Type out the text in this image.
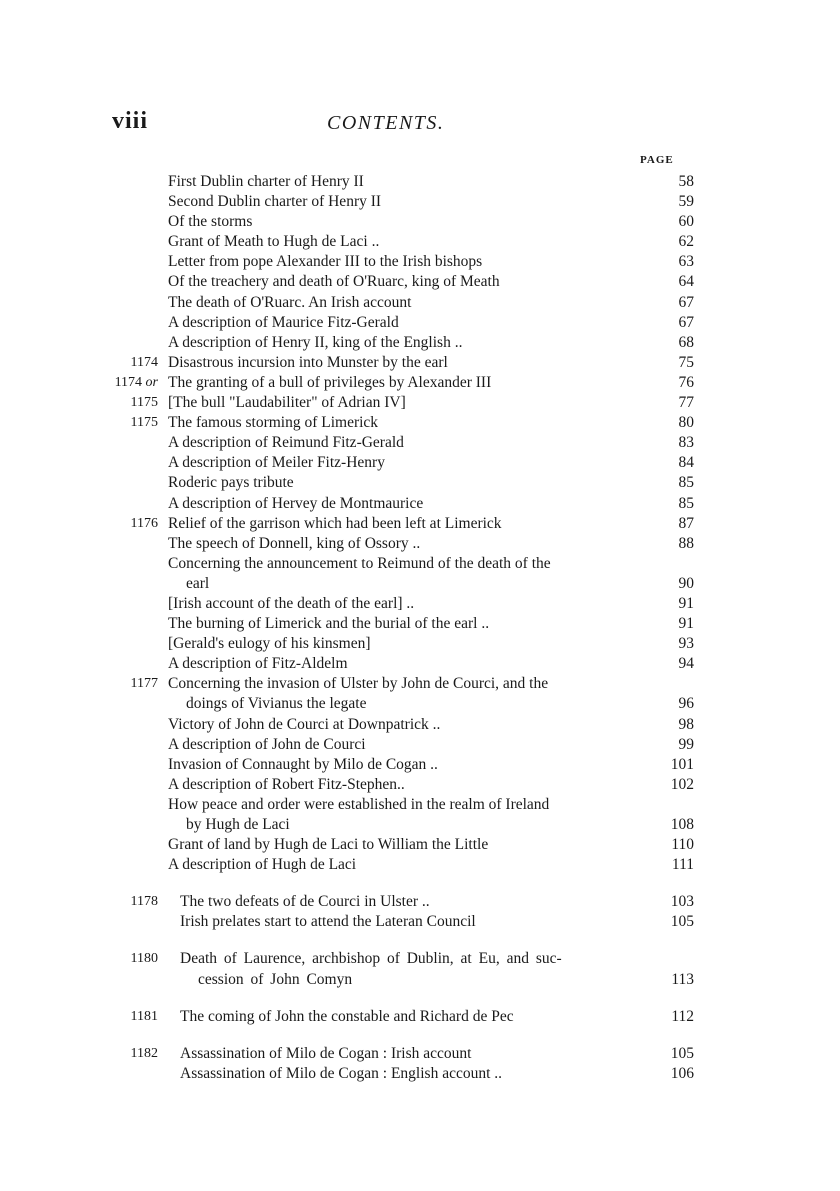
viii	CONTENTS.
PAGE
First Dublin charter of Henry II	58
Second Dublin charter of Henry II	59
Of the storms	60
Grant of Meath to Hugh de Laci ..	62
Letter from pope Alexander III to the Irish bishops	63
Of the treachery and death of O'Ruarc, king of Meath	64
The death of O'Ruarc. An Irish account	67
A description of Maurice Fitz-Gerald	67
A description of Henry II, king of the English ..	68
1174 Disastrous incursion into Munster by the earl	75
1174 or The granting of a bull of privileges by Alexander III	76
1175 [The bull "Laudabiliter" of Adrian IV]	77
1175 The famous storming of Limerick	80
A description of Reimund Fitz-Gerald	83
A description of Meiler Fitz-Henry	84
Roderic pays tribute	85
A description of Hervey de Montmaurice	85
1176 Relief of the garrison which had been left at Limerick	87
The speech of Donnell, king of Ossory ..	88
Concerning the announcement to Reimund of the death of the
earl	90
[Irish account of the death of the earl] ..	91
The burning of Limerick and the burial of the earl ..	91
[Gerald's eulogy of his kinsmen]	93
A description of Fitz-Aldelm	94
1177 Concerning the invasion of Ulster by John de Courci, and the
doings of Vivianus the legate	96
Victory of John de Courci at Downpatrick ..	98
A description of John de Courci	99
Invasion of Connaught by Milo de Cogan ..	101
A description of Robert Fitz-Stephen..	102
How peace and order were established in the realm of Ireland
by Hugh de Laci	108
Grant of land by Hugh de Laci to William the Little	110
A description of Hugh de Laci	111
1178 The two defeats of de Courci in Ulster ..	103
Irish prelates start to attend the Lateran Council	105
1180 Death of Laurence, archbishop of Dublin, at Eu, and suc-
cession of John Comyn	113
1181 The coming of John the constable and Richard de Pec	112
1182 Assassination of Milo de Cogan : Irish account	105
Assassination of Milo de Cogan : English account ..	106
